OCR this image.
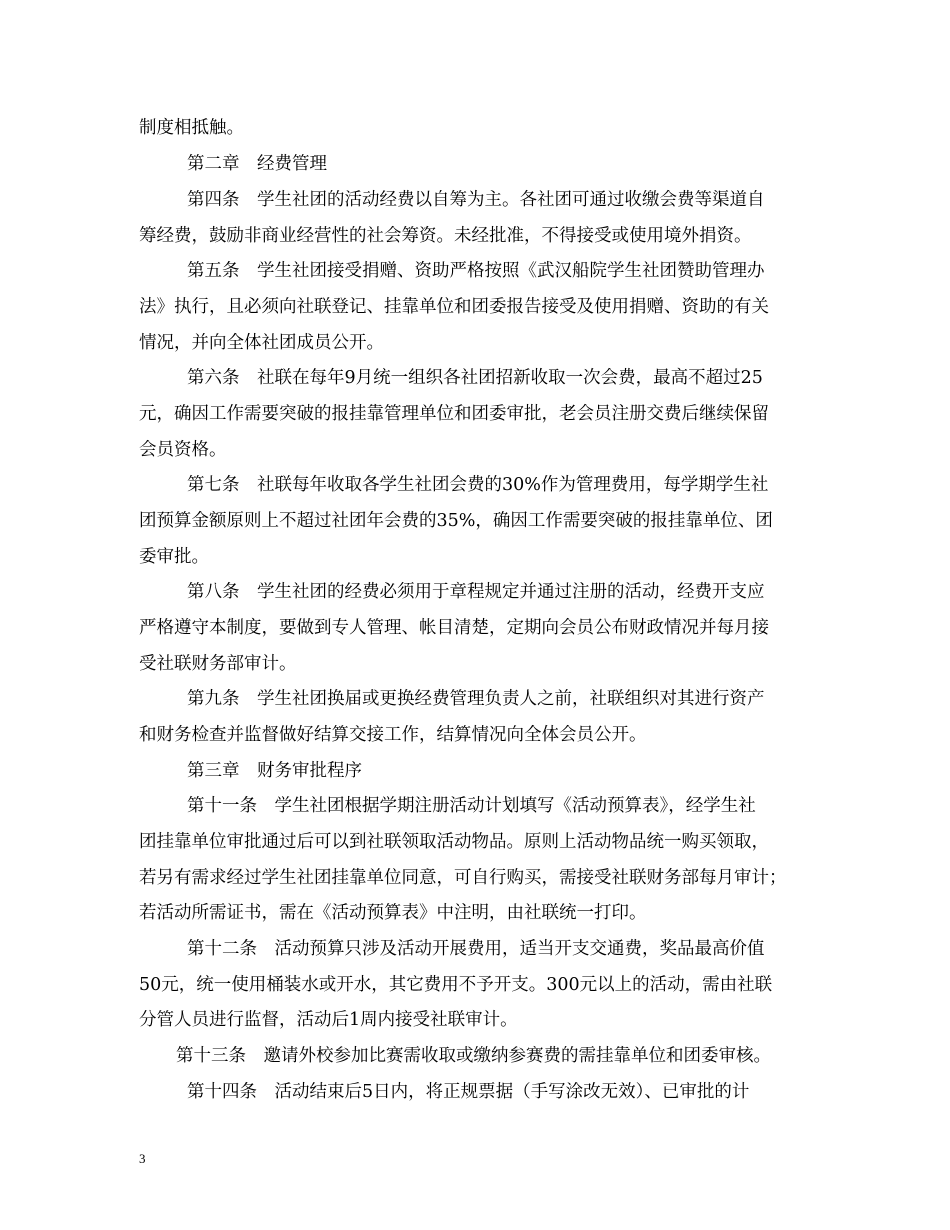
制度相抵触。
第二章　经费管理
第四条　学生社团的活动经费以自筹为主。各社团可通过收缴会费等渠道自
筹经费，鼓励非商业经营性的社会筹资。未经批准，不得接受或使用境外捐资。
第五条　学生社团接受捐赠、资助严格按照《武汉船院学生社团赞助管理办
法》执行，且必须向社联登记、挂靠单位和团委报告接受及使用捐赠、资助的有关
情况，并向全体社团成员公开。
第六条　社联在每年9月统一组织各社团招新收取一次会费，最高不超过25
元，确因工作需要突破的报挂靠管理单位和团委审批，老会员注册交费后继续保留
会员资格。
第七条　社联每年收取各学生社团会费的30%作为管理费用，每学期学生社
团预算金额原则上不超过社团年会费的35%，确因工作需要突破的报挂靠单位、团
委审批。
第八条　学生社团的经费必须用于章程规定并通过注册的活动，经费开支应
严格遵守本制度，要做到专人管理、帐目清楚，定期向会员公布财政情况并每月接
受社联财务部审计。
第九条　学生社团换届或更换经费管理负责人之前，社联组织对其进行资产
和财务检查并监督做好结算交接工作，结算情况向全体会员公开。
第三章　财务审批程序
第十一条　学生社团根据学期注册活动计划填写《活动预算表》，经学生社
团挂靠单位审批通过后可以到社联领取活动物品。原则上活动物品统一购买领取，
若另有需求经过学生社团挂靠单位同意，可自行购买，需接受社联财务部每月审计；
若活动所需证书，需在《活动预算表》中注明，由社联统一打印。
第十二条　活动预算只涉及活动开展费用，适当开支交通费，奖品最高价值
50元，统一使用桶装水或开水，其它费用不予开支。300元以上的活动，需由社联
分管人员进行监督，活动后1周内接受社联审计。
第十三条　邀请外校参加比赛需收取或缴纳参赛费的需挂靠单位和团委审核。
第十四条　活动结束后5日内，将正规票据（手写涂改无效）、已审批的计
3
